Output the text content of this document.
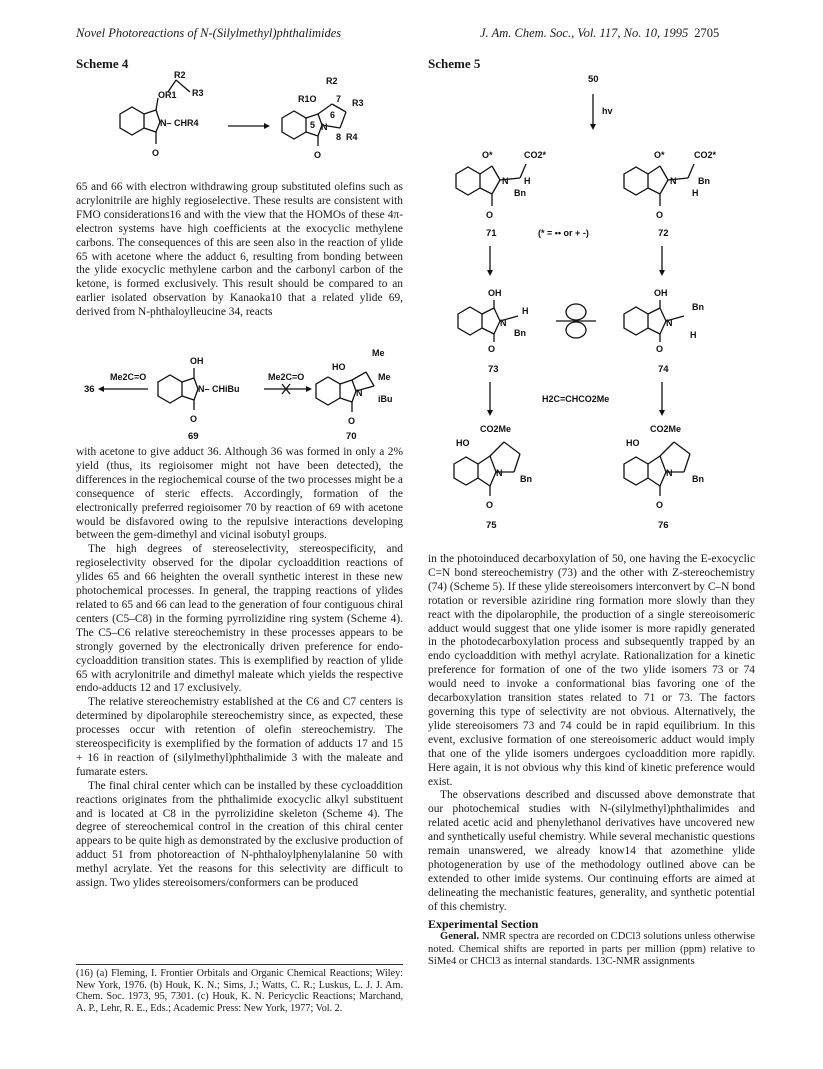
Novel Photoreactions of N-(Silylmethyl)phthalimides	J. Am. Chem. Soc., Vol. 117, No. 10, 1995 2705
Scheme 4
OR1
R2
R3
N– CHR4
O
R2
R1O 7 R3
6
5 N
8 R4
O

65 and 66 with electron withdrawing group substituted olefins such as acrylonitrile are highly regioselective. These results are consistent with FMO considerations16 and with the view that the HOMOs of these 4π-electron systems have high coefficients at the exocyclic methylene carbons. The consequences of this are seen also in the reaction of ylide 65 with acetone where the adduct 6, resulting from bonding between the ylide exocyclic methylene carbon and the carbonyl carbon of the ketone, is formed exclusively. This result should be compared to an earlier isolated observation by Kanaoka10 that a related ylide 69, derived from N-phthaloylleucine 34, reacts

36
Me2C=O
OH
N– CHiBu
O
69
Me2C=O
HO
Me
Me
N
iBu
O
70

with acetone to give adduct 36. Although 36 was formed in only a 2% yield (thus, its regioisomer might not have been detected), the differences in the regiochemical course of the two processes might be a consequence of steric effects. Accordingly, formation of the electronically preferred regioisomer 70 by reaction of 69 with acetone would be disfavored owing to the repulsive interactions developing between the gem-dimethyl and vicinal isobutyl groups.

The high degrees of stereoselectivity, stereospecificity, and regioselectivity observed for the dipolar cycloaddition reactions of ylides 65 and 66 heighten the overall synthetic interest in these new photochemical processes. In general, the trapping reactions of ylides related to 65 and 66 can lead to the generation of four contiguous chiral centers (C5–C8) in the forming pyrrolizidine ring system (Scheme 4). The C5–C6 relative stereochemistry in these processes appears to be strongly governed by the electronically driven preference for endo-cycloaddition transition states. This is exemplified by reaction of ylide 65 with acrylonitrile and dimethyl maleate which yields the respective endo-adducts 12 and 17 exclusively.

The relative stereochemistry established at the C6 and C7 centers is determined by dipolarophile stereochemistry since, as expected, these processes occur with retention of olefin stereochemistry. The stereospecificity is exemplified by the formation of adducts 17 and 15 + 16 in reaction of (silylmethyl)phthalimide 3 with the maleate and fumarate esters.

The final chiral center which can be installed by these cycloaddition reactions originates from the phthalimide exocyclic alkyl substituent and is located at C8 in the pyrrolizidine skeleton (Scheme 4). The degree of stereochemical control in the creation of this chiral center appears to be quite high as demonstrated by the exclusive production of adduct 51 from photoreaction of N-phthaloylphenylalanine 50 with methyl acrylate. Yet the reasons for this selectivity are difficult to assign. Two ylides stereoisomers/conformers can be produced

(16) (a) Fleming, I. Frontier Orbitals and Organic Chemical Reactions; Wiley: New York, 1976. (b) Houk, K. N.; Sims, J.; Watts, C. R.; Luskus, L. J. J. Am. Chem. Soc. 1973, 95, 7301. (c) Houk, K. N. Pericyclic Reactions; Marchand, A. P., Lehr, R. E., Eds.; Academic Press: New York, 1977; Vol. 2.
Scheme 5
50
hv
O*	CO2*
N H
Bn
O
71	(* = •• or + -)
O*	CO2*
N Bn
H
O
72
OH
N
H
Bn
O
73
OH
Bn
N
H
O
74
H2C=CHCO2Me
CO2Me
HO
N
Bn
O
75
CO2Me
HO
N
Bn
O
76

in the photoinduced decarboxylation of 50, one having the E-exocyclic C=N bond stereochemistry (73) and the other with Z-stereochemistry (74) (Scheme 5). If these ylide stereoisomers interconvert by C–N bond rotation or reversible aziridine ring formation more slowly than they react with the dipolarophile, the production of a single stereoisomeric adduct would suggest that one ylide isomer is more rapidly generated in the photodecarboxylation process and subsequently trapped by an endo cycloaddition with methyl acrylate. Rationalization for a kinetic preference for formation of one of the two ylide isomers 73 or 74 would need to invoke a conformational bias favoring one of the decarboxylation transition states related to 71 or 73. The factors governing this type of selectivity are not obvious. Alternatively, the ylide stereoisomers 73 and 74 could be in rapid equilibrium. In this event, exclusive formation of one stereoisomeric adduct would imply that one of the ylide isomers undergoes cycloaddition more rapidly. Here again, it is not obvious why this kind of kinetic preference would exist.

The observations described and discussed above demonstrate that our photochemical studies with N-(silylmethyl)phthalimides and related acetic acid and phenylethanol derivatives have uncovered new and synthetically useful chemistry. While several mechanistic questions remain unanswered, we already know14 that azomethine ylide photogeneration by use of the methodology outlined above can be extended to other imide systems. Our continuing efforts are aimed at delineating the mechanistic features, generality, and synthetic potential of this chemistry.

Experimental Section

General. NMR spectra are recorded on CDCl3 solutions unless otherwise noted. Chemical shifts are reported in parts per million (ppm) relative to SiMe4 or CHCl3 as internal standards. 13C-NMR assignments
